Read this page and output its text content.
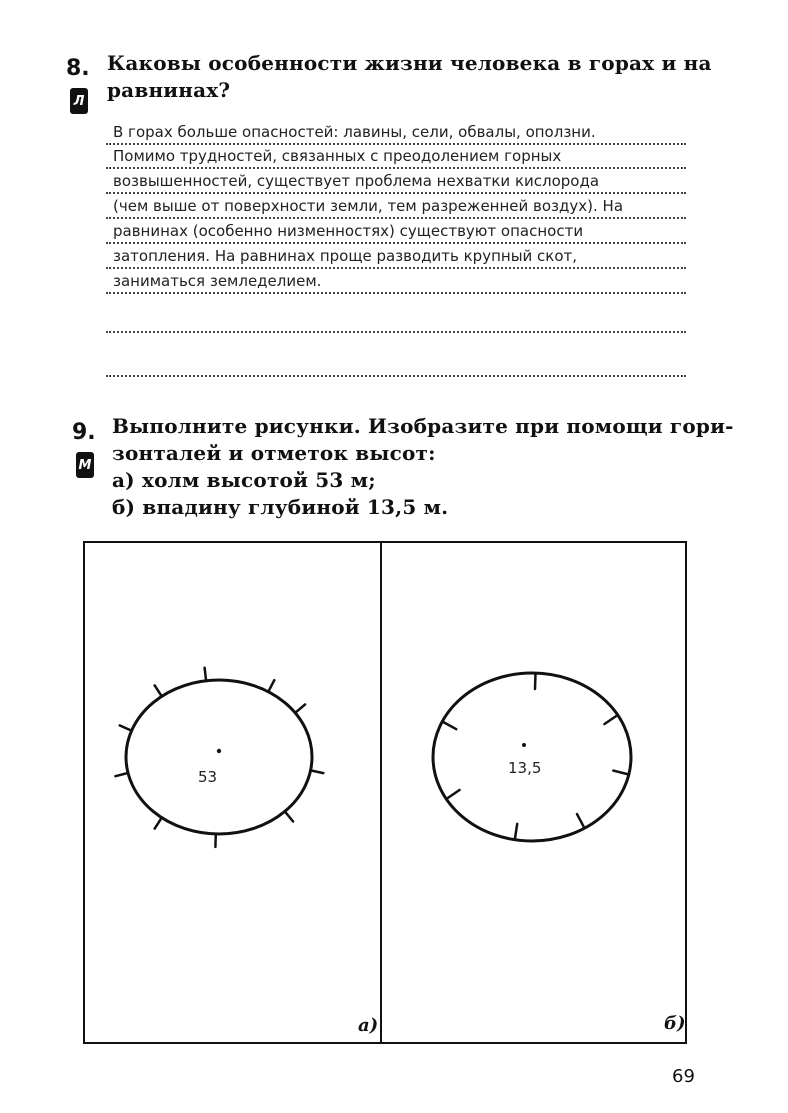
8.
Л
Каковы особенности жизни человека в горах и на
равнинах?
В горах больше опасностей: лавины, сели, обвалы, оползни.
Помимо трудностей, связанных с преодолением горных
возвышенностей, существует проблема нехватки кислорода
(чем выше от поверхности земли, тем разреженней воздух). На
равнинах (особенно низменностях) существуют опасности
затопления. На равнинах проще разводить крупный скот,
заниматься земледелием.
9.
М
Выполните рисунки. Изобразите при помощи гори-
зонталей и отметок высот:
а) холм высотой 53 м;
б) впадину глубиной 13,5 м.
53	13,5
а)	б)
69
